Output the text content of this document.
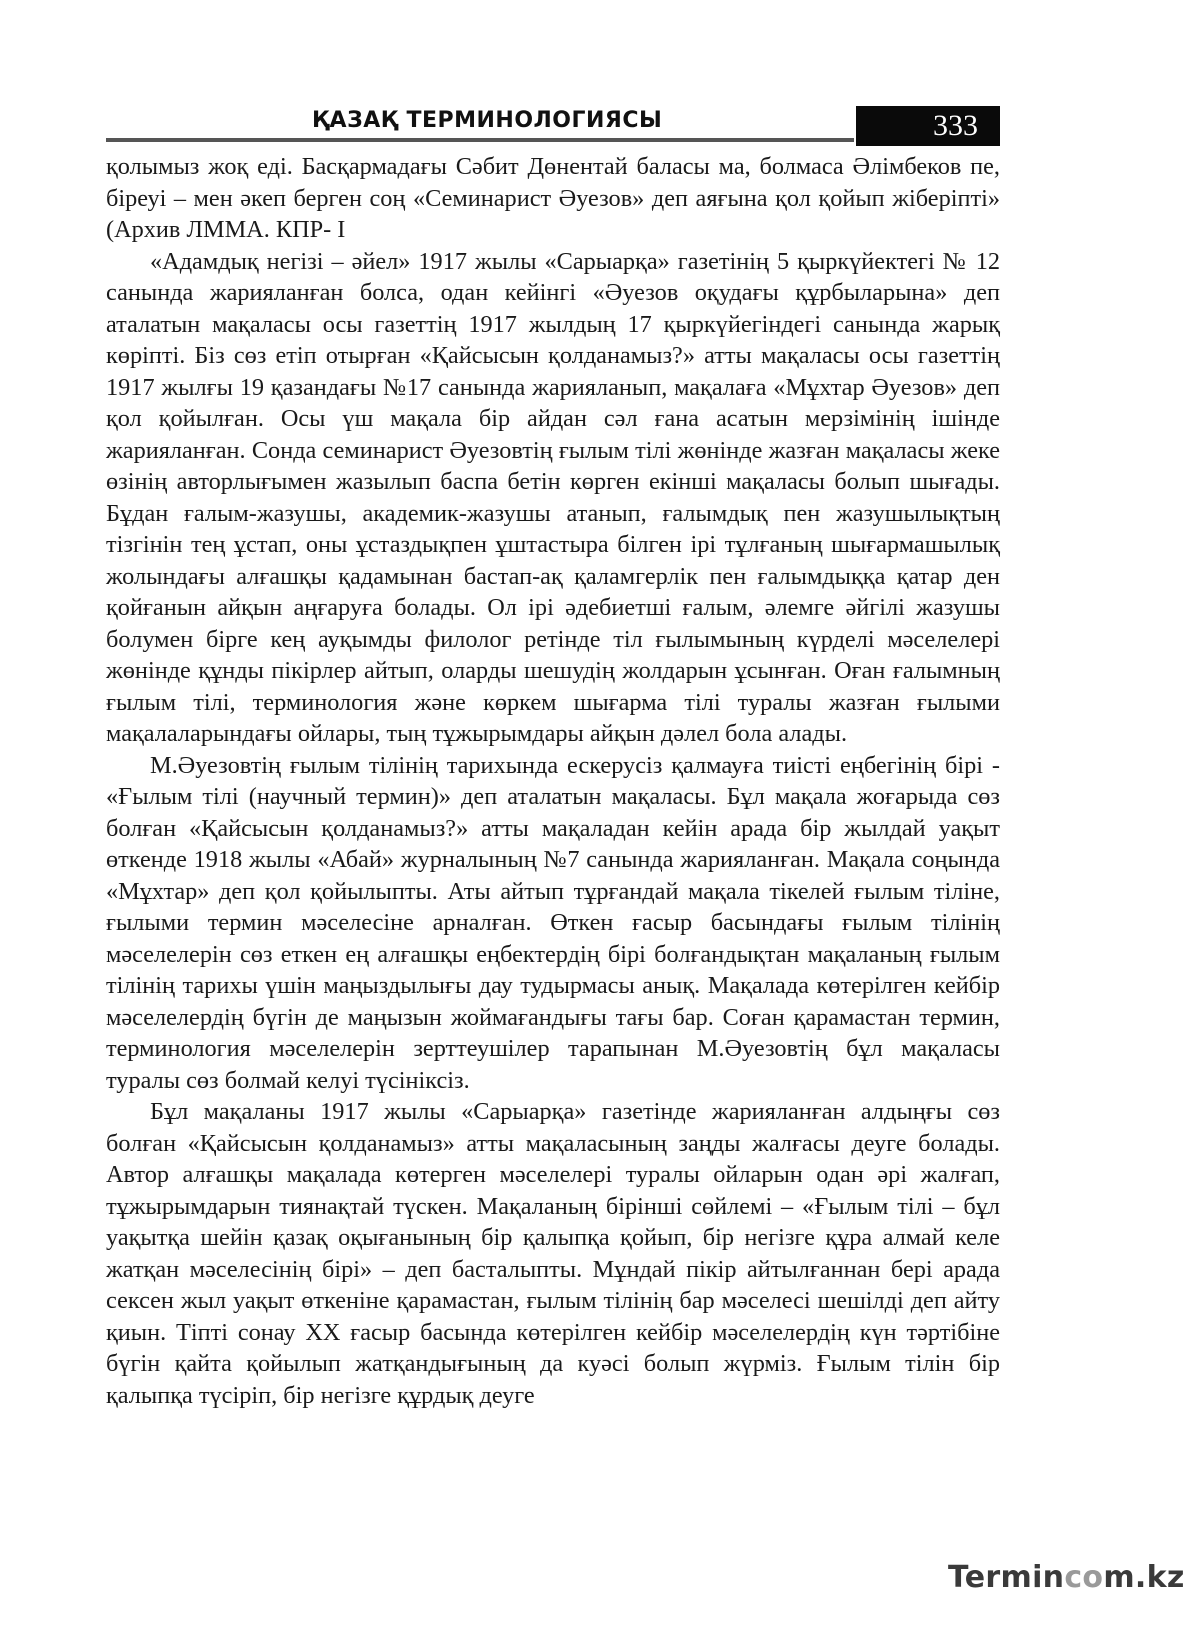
ҚАЗАҚ ТЕРМИНОЛОГИЯСЫ	333

қолымыз жоқ еді. Басқармадағы Сәбит Дөнентай баласы ма, болмаса Әлімбеков пе, біреуі – мен әкеп берген соң «Семинарист Әуезов» деп аяғына қол қойып жіберіпті» (Архив ЛММА. КПР- І

«Адамдық негізі – әйел» 1917 жылы «Сарыарқа» газетінің 5 қыркүйектегі № 12 санында жарияланған болса, одан кейінгі «Әуезов оқудағы құрбыларына» деп аталатын мақаласы осы газеттің 1917 жылдың 17 қыркүйегіндегі санында жарық көріпті. Біз сөз етіп отырған «Қайсысын қолданамыз?» атты мақаласы осы газеттің 1917 жылғы 19 қазандағы №17 санында жарияланып, мақалаға «Мұхтар Әуезов» деп қол қойылған. Осы үш мақала бір айдан сәл ғана асатын мерзімінің ішінде жарияланған. Сонда семинарист Әуезовтің ғылым тілі жөнінде жазған мақаласы жеке өзінің авторлығымен жазылып баспа бетін көрген екінші мақаласы болып шығады. Бұдан ғалым-жазушы, академик-жазушы атанып, ғалымдық пен жазушылықтың тізгінін тең ұстап, оны ұстаздықпен ұштастыра білген ірі тұлғаның шығармашылық жолындағы алғашқы қадамынан бастап-ақ қаламгерлік пен ғалымдыққа қатар ден қойғанын айқын аңғаруға болады. Ол ірі әдебиетші ғалым, әлемге әйгілі жазушы болумен бірге кең ауқымды филолог ретінде тіл ғылымының күрделі мәселелері жөнінде құнды пікірлер айтып, оларды шешудің жолдарын ұсынған. Оған ғалымның ғылым тілі, терминология және көркем шығарма тілі туралы жазған ғылыми мақалаларындағы ойлары, тың тұжырымдары айқын дәлел бола алады.

М.Әуезовтің ғылым тілінің тарихында ескерусіз қалмауға тиісті еңбегінің бірі - «Ғылым тілі (научный термин)» деп аталатын мақаласы. Бұл мақала жоғарыда сөз болған «Қайсысын қолданамыз?» атты мақаладан кейін арада бір жылдай уақыт өткенде 1918 жылы «Абай» журналының №7 санында жарияланған. Мақала соңында «Мұхтар» деп қол қойылыпты. Аты айтып тұрғандай мақала тікелей ғылым тіліне, ғылыми термин мәселесіне арналған. Өткен ғасыр басындағы ғылым тілінің мәселелерін сөз еткен ең алғашқы еңбектердің бірі болғандықтан мақаланың ғылым тілінің тарихы үшін маңыздылығы дау тудырмасы анық. Мақалада көтерілген кейбір мәселелердің бүгін де маңызын жоймағандығы тағы бар. Соған қарамастан термин, терминология мәселелерін зерттеушілер тарапынан М.Әуезовтің бұл мақаласы туралы сөз болмай келуі түсініксіз.

Бұл мақаланы 1917 жылы «Сарыарқа» газетінде жарияланған алдыңғы сөз болған «Қайсысын қолданамыз» атты мақаласының заңды жалғасы деуге болады. Автор алғашқы мақалада көтерген мәселелері туралы ойларын одан әрі жалғап, тұжырымдарын тиянақтай түскен. Мақаланың бірінші сөйлемі – «Ғылым тілі – бұл уақытқа шейін қазақ оқығанының бір қалыпқа қойып, бір негізге құра алмай келе жатқан мәселесінің бірі» – деп басталыпты. Мұндай пікір айтылғаннан бері арада сексен жыл уақыт өткеніне қарамастан, ғылым тілінің бар мәселесі шешілді деп айту қиын. Тіпті сонау ХХ ғасыр басында көтерілген кейбір мәселелердің күн тәртібіне бүгін қайта қойылып жатқандығының да куәсі болып жүрміз. Ғылым тілін бір қалыпқа түсіріп, бір негізге құрдық деуге

Termincom.kz
